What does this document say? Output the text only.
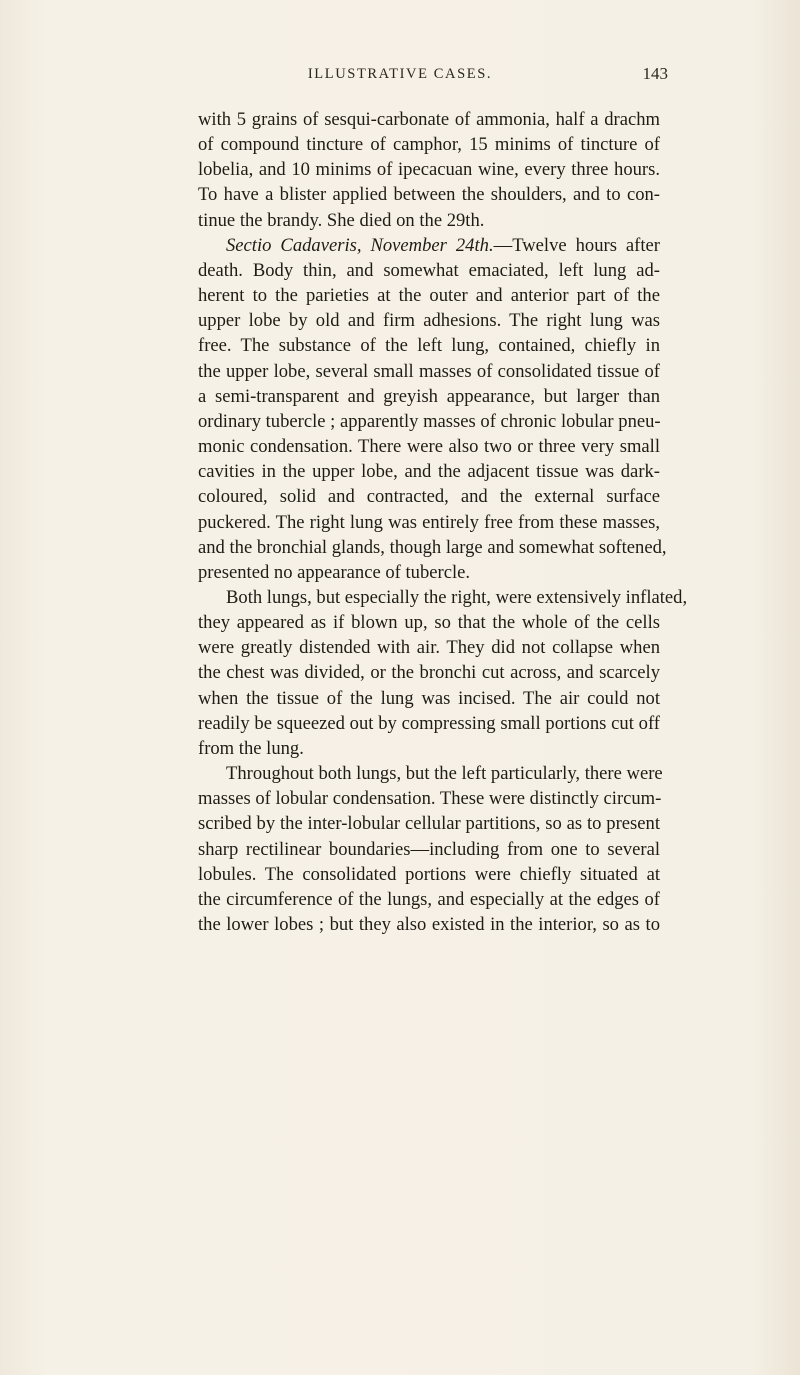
ILLUSTRATIVE CASES.	143
with 5 grains of sesqui-carbonate of ammonia, half a drachm
of compound tincture of camphor, 15 minims of tincture of
lobelia, and 10 minims of ipecacuan wine, every three hours.
To have a blister applied between the shoulders, and to con-
tinue the brandy. She died on the 29th.
Sectio Cadaveris, November 24th.—Twelve hours after
death. Body thin, and somewhat emaciated, left lung ad-
herent to the parieties at the outer and anterior part of the
upper lobe by old and firm adhesions. The right lung was
free. The substance of the left lung, contained, chiefly in
the upper lobe, several small masses of consolidated tissue of
a semi-transparent and greyish appearance, but larger than
ordinary tubercle ; apparently masses of chronic lobular pneu-
monic condensation. There were also two or three very small
cavities in the upper lobe, and the adjacent tissue was dark-
coloured, solid and contracted, and the external surface
puckered. The right lung was entirely free from these masses,
and the bronchial glands, though large and somewhat softened,
presented no appearance of tubercle.
Both lungs, but especially the right, were extensively inflated,
they appeared as if blown up, so that the whole of the cells
were greatly distended with air. They did not collapse when
the chest was divided, or the bronchi cut across, and scarcely
when the tissue of the lung was incised. The air could not
readily be squeezed out by compressing small portions cut off
from the lung.
Throughout both lungs, but the left particularly, there were
masses of lobular condensation. These were distinctly circum-
scribed by the inter-lobular cellular partitions, so as to present
sharp rectilinear boundaries—including from one to several
lobules. The consolidated portions were chiefly situated at
the circumference of the lungs, and especially at the edges of
the lower lobes ; but they also existed in the interior, so as to
